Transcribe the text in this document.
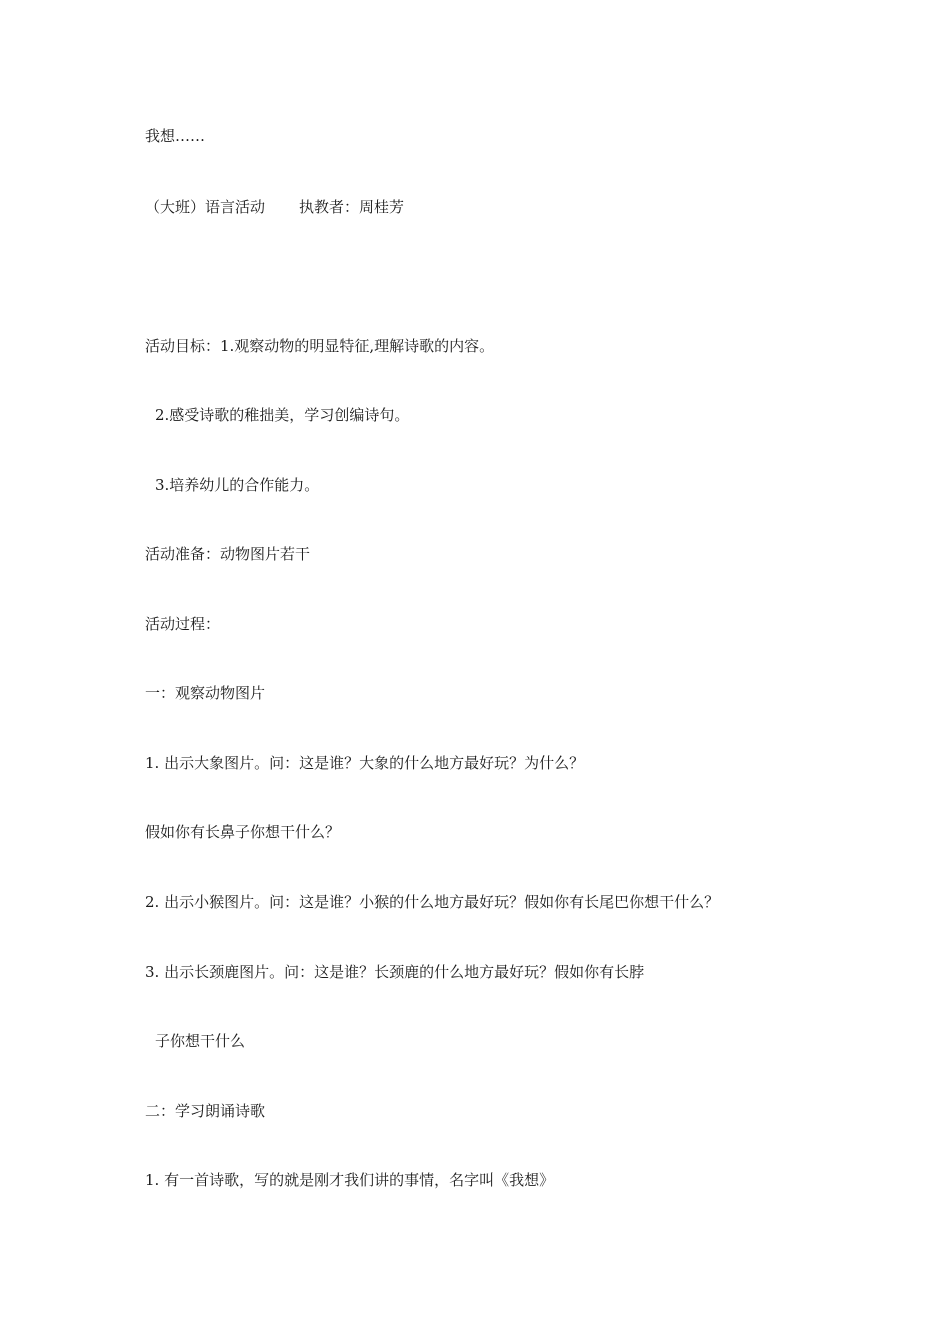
我想……
（大班）语言活动 执教者：周桂芳
活动目标：1.观察动物的明显特征,理解诗歌的内容。
2.感受诗歌的稚拙美，学习创编诗句。
3.培养幼儿的合作能力。
活动准备：动物图片若干
活动过程：
一：观察动物图片
1. 出示大象图片。问：这是谁？大象的什么地方最好玩？为什么？
假如你有长鼻子你想干什么？
2. 出示小猴图片。问：这是谁？小猴的什么地方最好玩？假如你有长尾巴你想干什么？
3. 出示长颈鹿图片。问：这是谁？长颈鹿的什么地方最好玩？假如你有长脖
子你想干什么
二：学习朗诵诗歌
1. 有一首诗歌，写的就是刚才我们讲的事情，名字叫《我想》
